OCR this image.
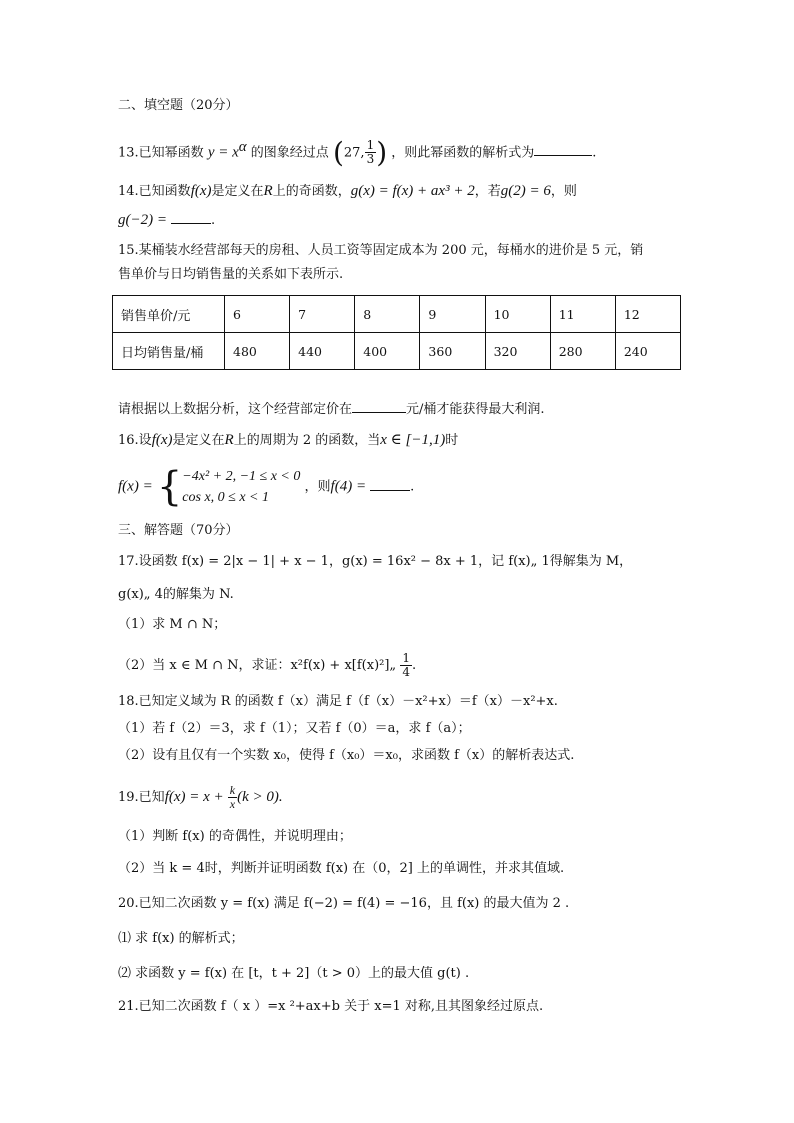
二、填空题（20分）
13.已知幂函数 $y = x^\alpha$ 的图象经过点 (27, $\frac{1}{3}$ ) ，则此幂函数的解析式为	.
14.已知函数f(x)是定义在R上的奇函数，g(x) = f(x) + ax³ + 2，若g(2) = 6，则
g(−2) =	.
15.某桶装水经营部每天的房租、人员工资等固定成本为 200 元，每桶水的进价是 5 元，销
售单价与日均销售量的关系如下表所示.
销售单价/元	6	7	8	9	10	11	12
日均销售量/桶	480	440	400	360	320	280	240
请根据以上数据分析，这个经营部定价在	元/桶才能获得最大利润.
16.设f(x)是定义在R上的周期为 2 的函数，当x ∈ [−1,1)时
f(x) = { −4x² + 2, −1 ≤ x < 0
cos x, 0 ≤ x < 1
，则f(4) =	.
三、解答题（70分）
17.设函数 f(x) = 2|x − 1| + x − 1，g(x) = 16x² − 8x + 1，记 f(x)„ 1得解集为 M，
g(x)„ 4的解集为 N.
（1）求 M ∩ N；
（2）当 x ∈ M ∩ N，求证：x²f(x) + x[f(x)²]„ $\frac{1}{4}$ .
18.已知定义域为 R 的函数 f（x）满足 f（f（x）－x²+x）＝f（x）－x²+x.
（1）若 f（2）＝3，求 f（1）；又若 f（0）＝a，求 f（a）；
（2）设有且仅有一个实数 x₀，使得 f（x₀）＝x₀，求函数 f（x）的解析表达式.
19.已知$f(x) = x + \frac{k}{x} (k > 0)$.
（1）判断 f(x) 的奇偶性，并说明理由；
（2）当 k = 4时，判断并证明函数 f(x) 在（0，2] 上的单调性，并求其值域.
20.已知二次函数 y = f(x) 满足 f(−2) = f(4) = −16，且 f(x) 的最大值为 2 .
⑴ 求 f(x) 的解析式；
⑵ 求函数 y = f(x) 在 [t，t + 2]（t > 0）上的最大值 g(t) .
21.已知二次函数 f（ x ）=x ²+ax+b 关于 x=1 对称,且其图象经过原点.
